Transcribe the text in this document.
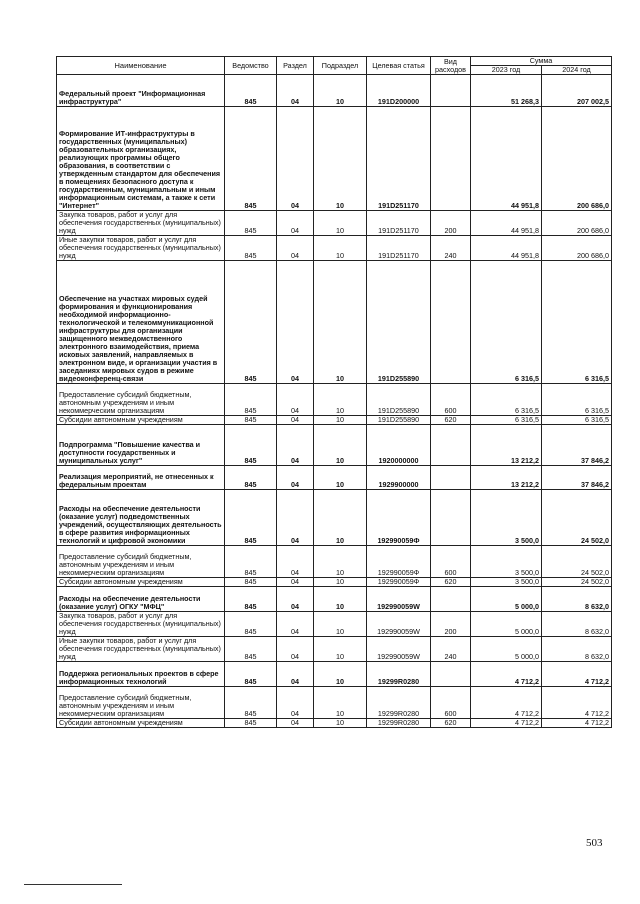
Наименование	Ведомство	Раздел	Подраздел	Целевая статья	Вид расходов	Сумма	
						2023 год	2024 год
Федеральный проект "Информационная инфраструктура"	845	04	10	191D200000		51 268,3	207 002,5
Формирование ИТ-инфраструктуры в государственных (муниципальных) образовательных организациях, реализующих программы общего образования, в соответствии с утвержденным стандартом для обеспечения в помещениях безопасного доступа к государственным, муниципальным и иным информационным системам, а также к сети "Интернет"	845	04	10	191D251170		44 951,8	200 686,0
Закупка товаров, работ и услуг для обеспечения государственных (муниципальных) нужд	845	04	10	191D251170	200	44 951,8	200 686,0
Иные закупки товаров, работ и услуг для обеспечения государственных (муниципальных) нужд	845	04	10	191D251170	240	44 951,8	200 686,0
Обеспечение на участках мировых судей формирования и функционирования необходимой информационно-технологической и телекоммуникационной инфраструктуры для организации защищенного межведомственного электронного взаимодействия, приема исковых заявлений, направляемых в электронном виде, и организации участия в заседаниях мировых судов в режиме видеоконференц-связи	845	04	10	191D255890		6 316,5	6 316,5
Предоставление субсидий бюджетным, автономным учреждениям и иным некоммерческим организациям	845	04	10	191D255890	600	6 316,5	6 316,5
Субсидии автономным учреждениям	845	04	10	191D255890	620	6 316,5	6 316,5
Подпрограмма "Повышение качества и доступности государственных и муниципальных услуг"	845	04	10	1920000000		13 212,2	37 846,2
Реализация мероприятий, не отнесенных к федеральным проектам	845	04	10	1929900000		13 212,2	37 846,2
Расходы на обеспечение деятельности (оказание услуг) подведомственных учреждений, осуществляющих деятельность в сфере развития информационных технологий и цифровой экономики	845	04	10	192990059Ф		3 500,0	24 502,0
Предоставление субсидий бюджетным, автономным учреждениям и иным некоммерческим организациям	845	04	10	192990059Ф	600	3 500,0	24 502,0
Субсидии автономным учреждениям	845	04	10	192990059Ф	620	3 500,0	24 502,0
Расходы на обеспечение деятельности (оказание услуг) ОГКУ "МФЦ"	845	04	10	192990059W		5 000,0	8 632,0
Закупка товаров, работ и услуг для обеспечения государственных (муниципальных) нужд	845	04	10	192990059W	200	5 000,0	8 632,0
Иные закупки товаров, работ и услуг для обеспечения государственных (муниципальных) нужд	845	04	10	192990059W	240	5 000,0	8 632,0
Поддержка региональных проектов в сфере информационных технологий	845	04	10	19299R0280		4 712,2	4 712,2
Предоставление субсидий бюджетным, автономным учреждениям и иным некоммерческим организациям	845	04	10	19299R0280	600	4 712,2	4 712,2
Субсидии автономным учреждениям	845	04	10	19299R0280	620	4 712,2	4 712,2
503
